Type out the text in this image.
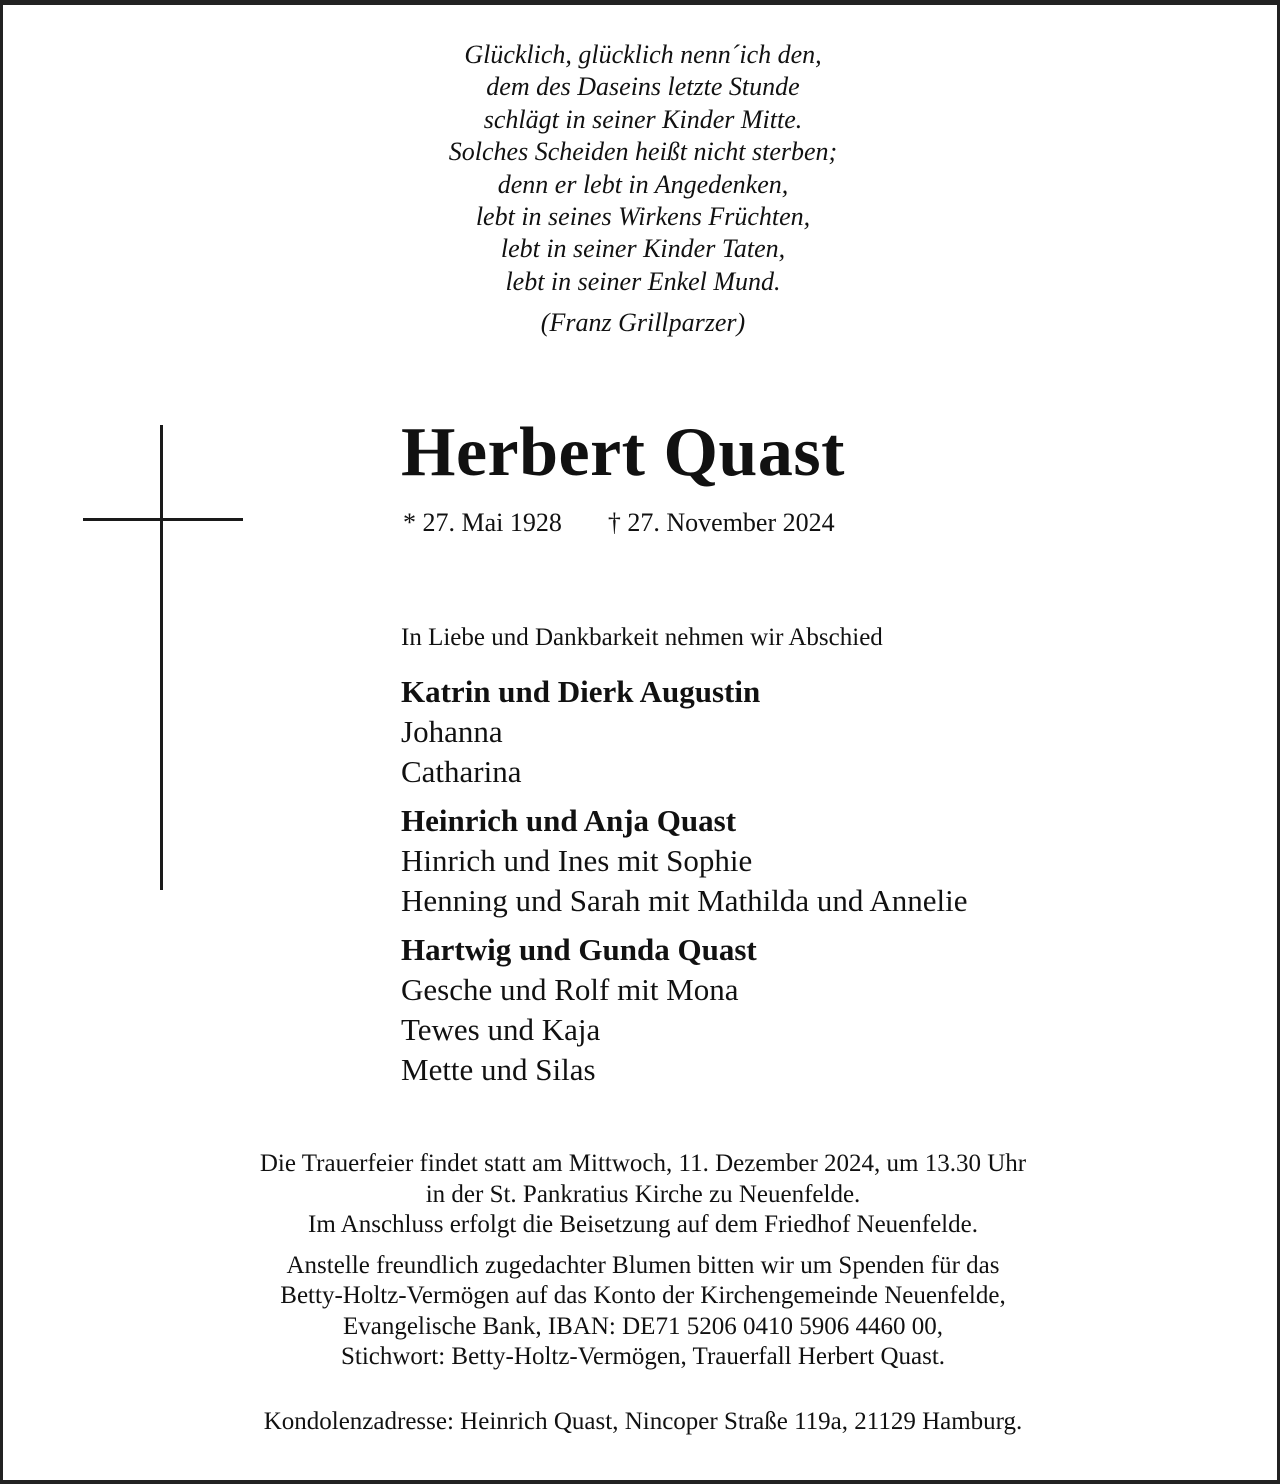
Glücklich, glücklich nenn´ich den,
dem des Daseins letzte Stunde
schlägt in seiner Kinder Mitte.
Solches Scheiden heißt nicht sterben;
denn er lebt in Angedenken,
lebt in seines Wirkens Früchten,
lebt in seiner Kinder Taten,
lebt in seiner Enkel Mund.
(Franz Grillparzer)
Herbert Quast
* 27. Mai 1928 † 27. November 2024
In Liebe und Dankbarkeit nehmen wir Abschied
Katrin und Dierk Augustin
Johanna
Catharina
Heinrich und Anja Quast
Hinrich und Ines mit Sophie
Henning und Sarah mit Mathilda und Annelie
Hartwig und Gunda Quast
Gesche und Rolf mit Mona
Tewes und Kaja
Mette und Silas
Die Trauerfeier findet statt am Mittwoch, 11. Dezember 2024, um 13.30 Uhr
in der St. Pankratius Kirche zu Neuenfelde.
Im Anschluss erfolgt die Beisetzung auf dem Friedhof Neuenfelde.
Anstelle freundlich zugedachter Blumen bitten wir um Spenden für das
Betty-Holtz-Vermögen auf das Konto der Kirchengemeinde Neuenfelde,
Evangelische Bank, IBAN: DE71 5206 0410 5906 4460 00,
Stichwort: Betty-Holtz-Vermögen, Trauerfall Herbert Quast.
Kondolenzadresse: Heinrich Quast, Nincoper Straße 119a, 21129 Hamburg.
